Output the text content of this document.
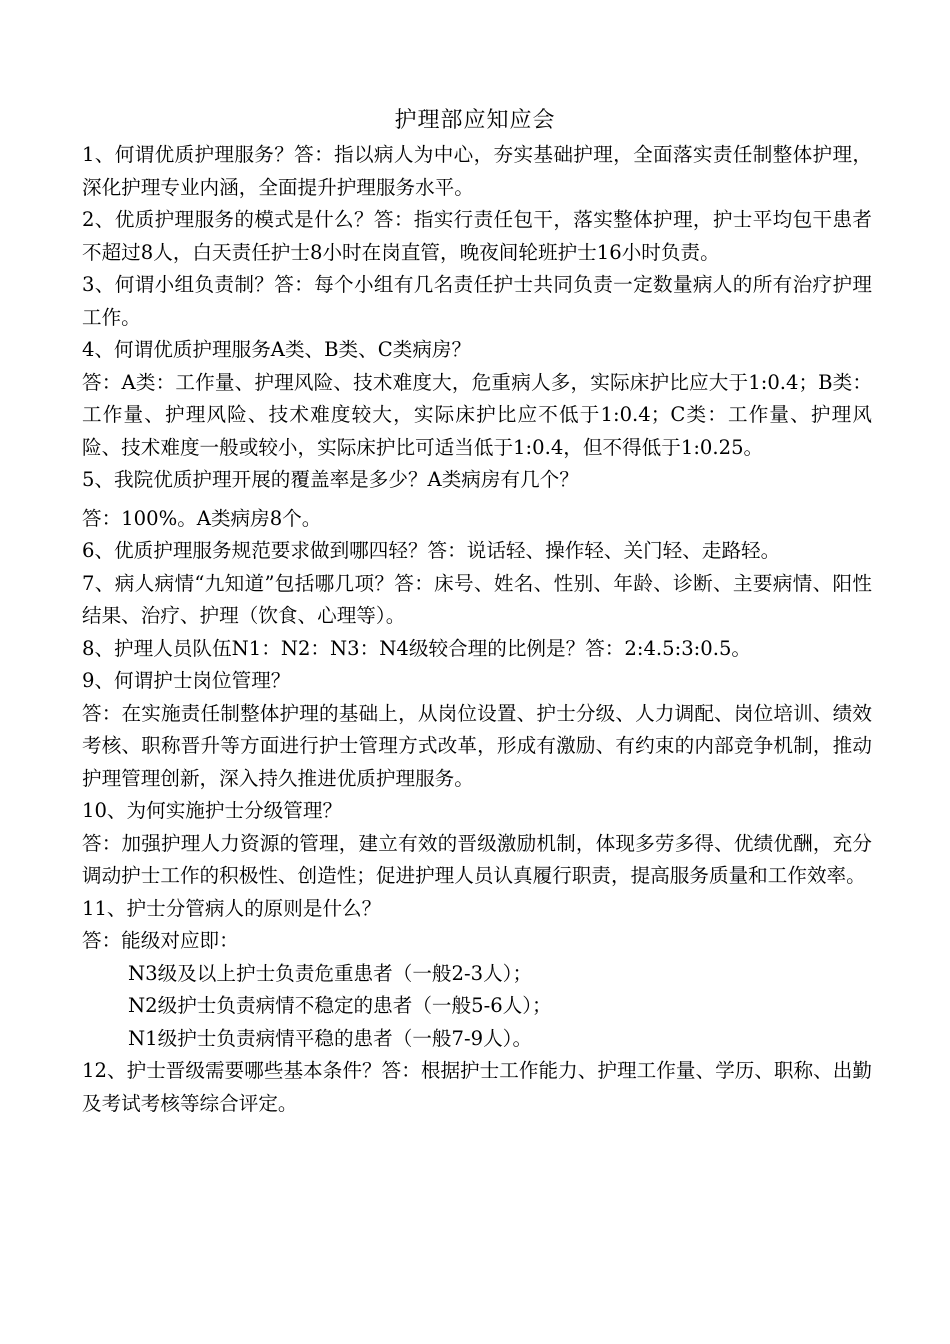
护理部应知应会

1、何谓优质护理服务？答：指以病人为中心，夯实基础护理，全面落实责任制整体护理，深化护理专业内涵，全面提升护理服务水平。

2、优质护理服务的模式是什么？答：指实行责任包干，落实整体护理，护士平均包干患者不超过8人，白天责任护士8小时在岗直管，晚夜间轮班护士16小时负责。

3、何谓小组负责制？答：每个小组有几名责任护士共同负责一定数量病人的所有治疗护理工作。

4、何谓优质护理服务A类、B类、C类病房？

答：A类：工作量、护理风险、技术难度大，危重病人多，实际床护比应大于1:0.4；B类：工作量、护理风险、技术难度较大，实际床护比应不低于1:0.4；C类：工作量、护理风险、技术难度一般或较小，实际床护比可适当低于1:0.4，但不得低于1:0.25。

5、我院优质护理开展的覆盖率是多少？A类病房有几个？

答：100%。A类病房8个。

6、优质护理服务规范要求做到哪四轻？答：说话轻、操作轻、关门轻、走路轻。

7、病人病情“九知道”包括哪几项？答：床号、姓名、性别、年龄、诊断、主要病情、阳性结果、治疗、护理（饮食、心理等）。

8、护理人员队伍N1：N2：N3：N4级较合理的比例是？答：2:4.5:3:0.5。

9、何谓护士岗位管理？

答：在实施责任制整体护理的基础上，从岗位设置、护士分级、人力调配、岗位培训、绩效考核、职称晋升等方面进行护士管理方式改革，形成有激励、有约束的内部竞争机制，推动护理管理创新，深入持久推进优质护理服务。

10、为何实施护士分级管理？

答：加强护理人力资源的管理，建立有效的晋级激励机制，体现多劳多得、优绩优酬，充分调动护士工作的积极性、创造性；促进护理人员认真履行职责，提高服务质量和工作效率。

11、护士分管病人的原则是什么？

答：能级对应即：

N3级及以上护士负责危重患者（一般2-3人）；

N2级护士负责病情不稳定的患者（一般5-6人）；

N1级护士负责病情平稳的患者（一般7-9人）。

12、护士晋级需要哪些基本条件？答：根据护士工作能力、护理工作量、学历、职称、出勤及考试考核等综合评定。
